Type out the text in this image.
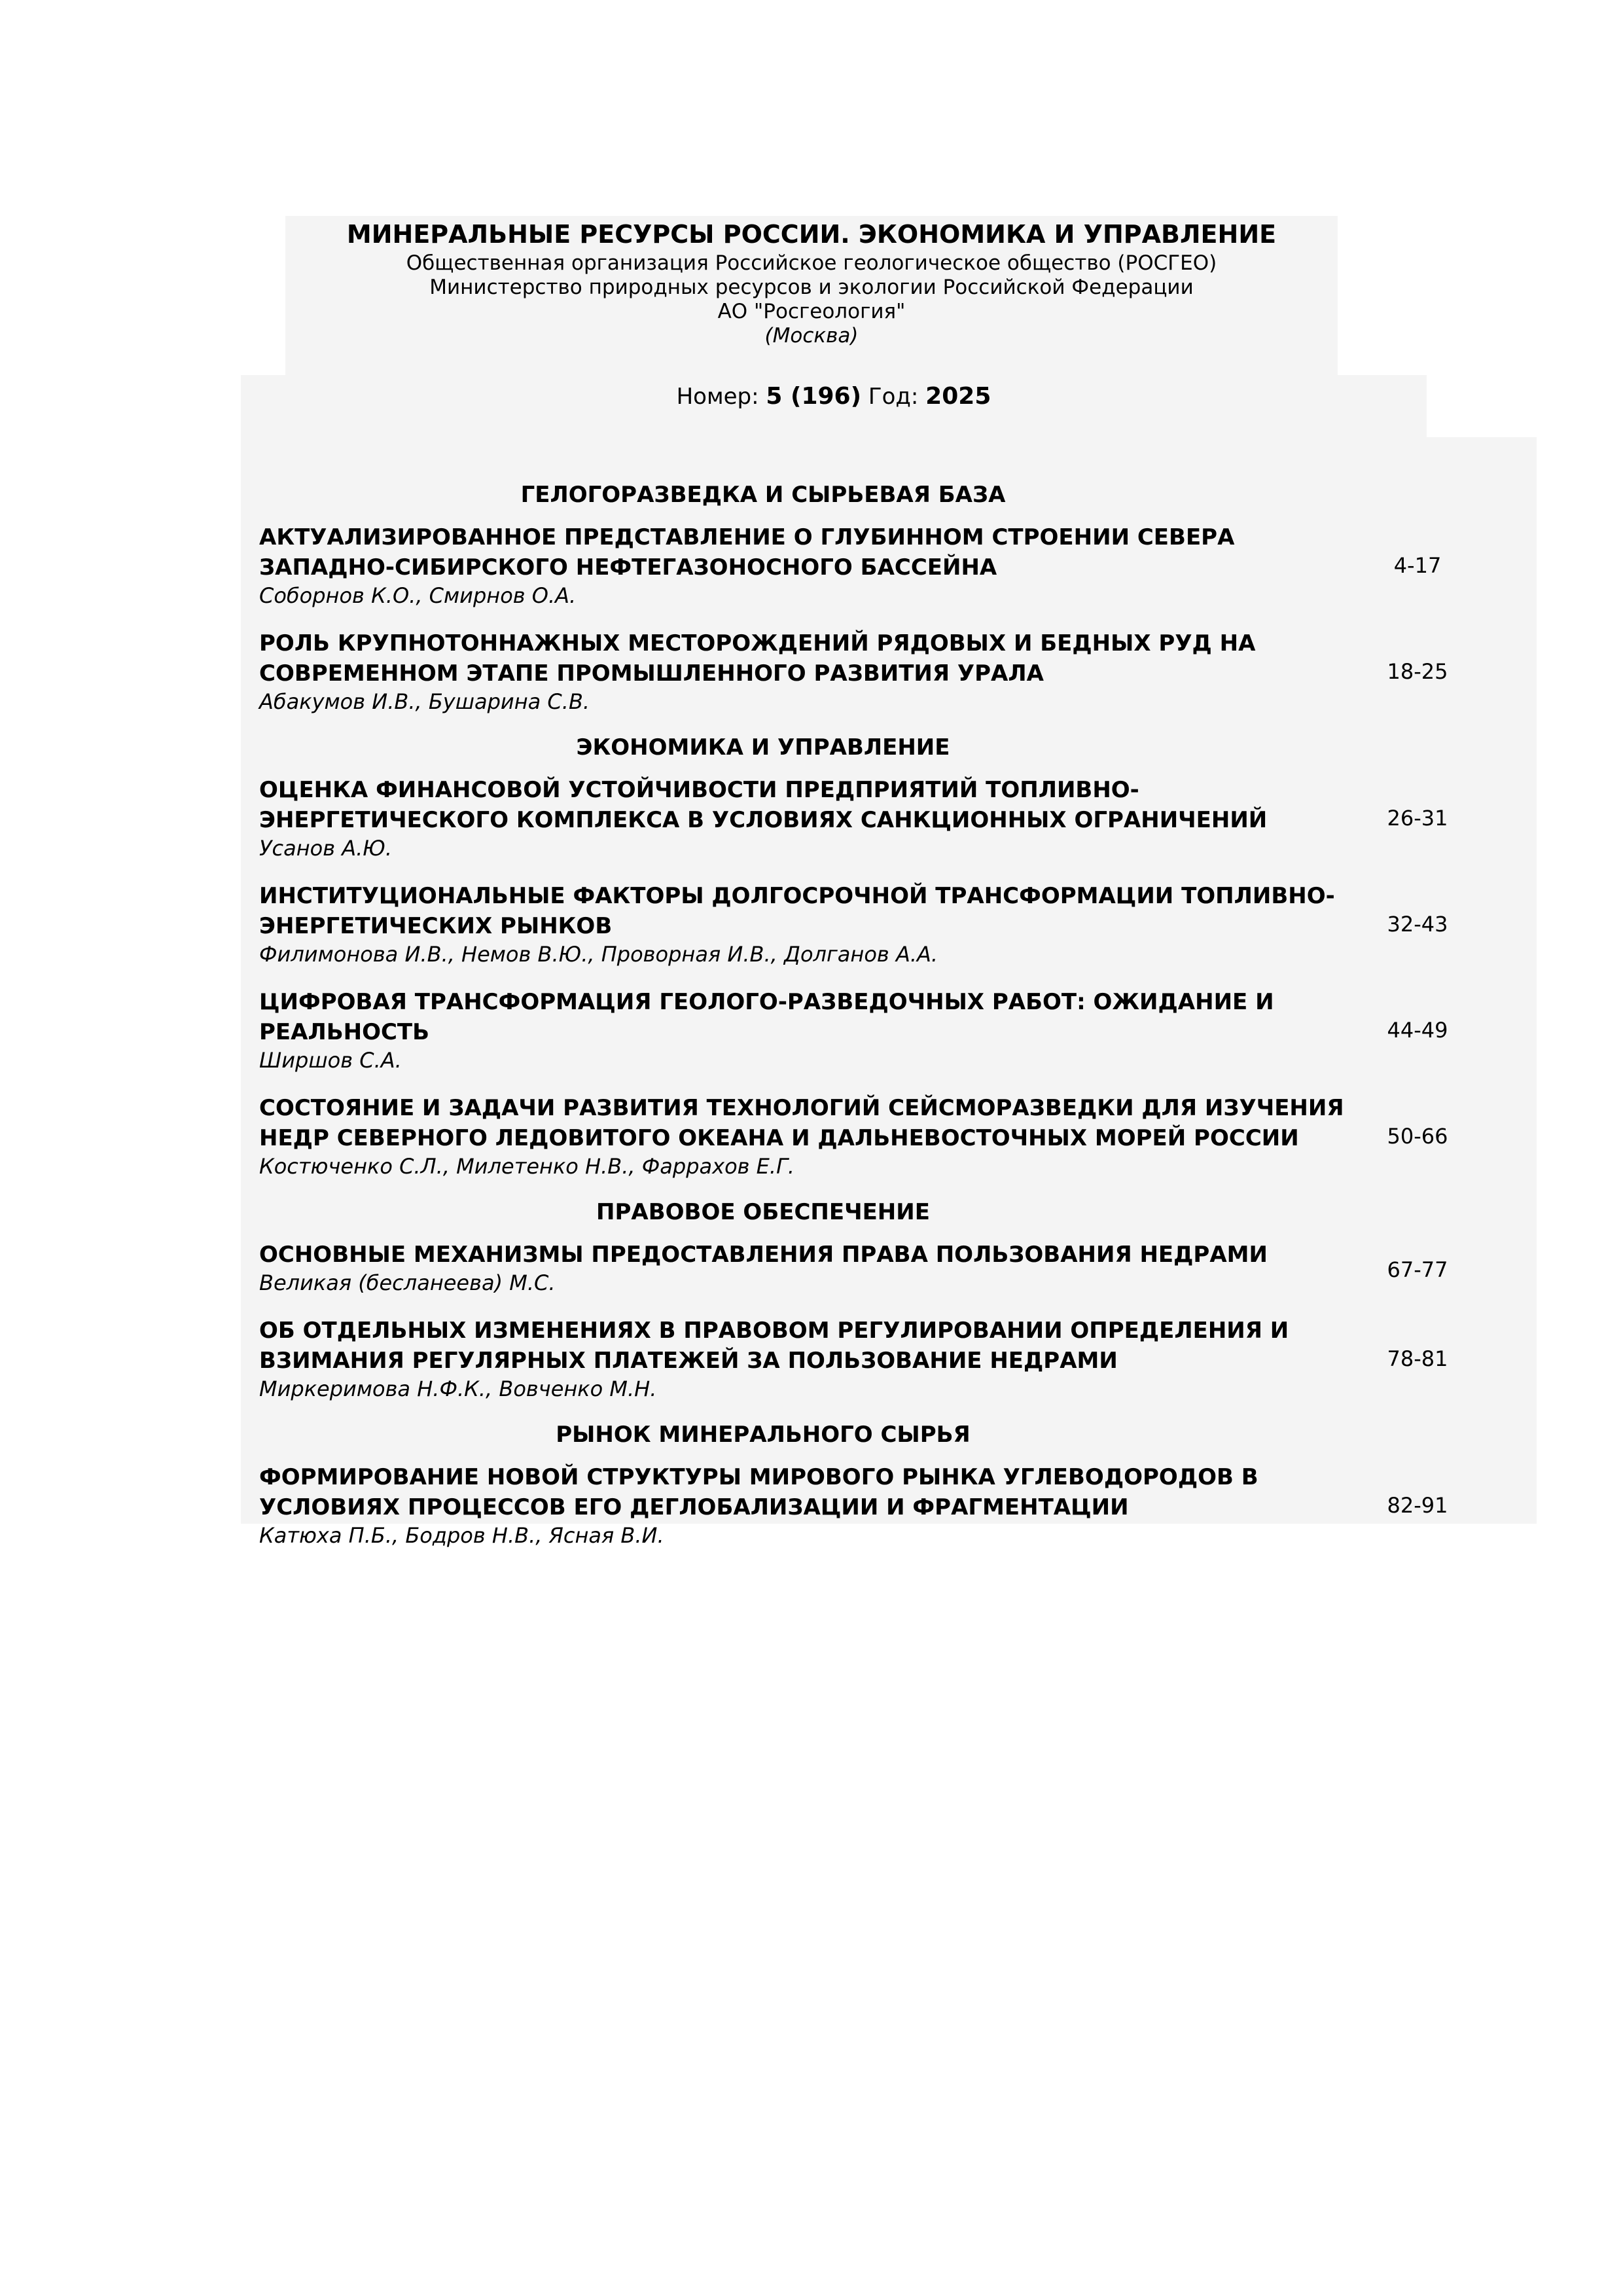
МИНЕРАЛЬНЫЕ РЕСУРСЫ РОССИИ. ЭКОНОМИКА И УПРАВЛЕНИЕ
Общественная организация Российское геологическое общество (РОСГЕО)
Министерство природных ресурсов и экологии Российской Федерации
АО "Росгеология"
(Москва)
Номер: 5 (196) Год: 2025
ГЕЛОГОРАЗВЕДКА И СЫРЬЕВАЯ БАЗА

АКТУАЛИЗИРОВАННОЕ ПРЕДСТАВЛЕНИЕ О ГЛУБИННОМ СТРОЕНИИ СЕВЕРА ЗАПАДНО-СИБИРСКОГО НЕФТЕГАЗОНОСНОГО БАССЕЙНА

Соборнов К.О., Смирнов О.А.

4-17

РОЛЬ КРУПНОТОННАЖНЫХ МЕСТОРОЖДЕНИЙ РЯДОВЫХ И БЕДНЫХ РУД НА СОВРЕМЕННОМ ЭТАПЕ ПРОМЫШЛЕННОГО РАЗВИТИЯ УРАЛА

Абакумов И.В., Бушарина С.В.

18-25
ЭКОНОМИКА И УПРАВЛЕНИЕ

ОЦЕНКА ФИНАНСОВОЙ УСТОЙЧИВОСТИ ПРЕДПРИЯТИЙ ТОПЛИВНО-ЭНЕРГЕТИЧЕСКОГО КОМПЛЕКСА В УСЛОВИЯХ САНКЦИОННЫХ ОГРАНИЧЕНИЙ

Усанов А.Ю.

26-31

ИНСТИТУЦИОНАЛЬНЫЕ ФАКТОРЫ ДОЛГОСРОЧНОЙ ТРАНСФОРМАЦИИ ТОПЛИВНО-ЭНЕРГЕТИЧЕСКИХ РЫНКОВ

Филимонова И.В., Немов В.Ю., Проворная И.В., Долганов А.А.

32-43

ЦИФРОВАЯ ТРАНСФОРМАЦИЯ ГЕОЛОГО-РАЗВЕДОЧНЫХ РАБОТ: ОЖИДАНИЕ И РЕАЛЬНОСТЬ

Ширшов С.А.

44-49

СОСТОЯНИЕ И ЗАДАЧИ РАЗВИТИЯ ТЕХНОЛОГИЙ СЕЙСМОРАЗВЕДКИ ДЛЯ ИЗУЧЕНИЯ НЕДР СЕВЕРНОГО ЛЕДОВИТОГО ОКЕАНА И ДАЛЬНЕВОСТОЧНЫХ МОРЕЙ РОССИИ

Костюченко С.Л., Милетенко Н.В., Фаррахов Е.Г.

50-66
ПРАВОВОЕ ОБЕСПЕЧЕНИЕ

ОСНОВНЫЕ МЕХАНИЗМЫ ПРЕДОСТАВЛЕНИЯ ПРАВА ПОЛЬЗОВАНИЯ НЕДРАМИ

Великая (бесланеева) М.С.

67-77

ОБ ОТДЕЛЬНЫХ ИЗМЕНЕНИЯХ В ПРАВОВОМ РЕГУЛИРОВАНИИ ОПРЕДЕЛЕНИЯ И ВЗИМАНИЯ РЕГУЛЯРНЫХ ПЛАТЕЖЕЙ ЗА ПОЛЬЗОВАНИЕ НЕДРАМИ

Миркеримова Н.Ф.К., Вовченко М.Н.

78-81
РЫНОК МИНЕРАЛЬНОГО СЫРЬЯ

ФОРМИРОВАНИЕ НОВОЙ СТРУКТУРЫ МИРОВОГО РЫНКА УГЛЕВОДОРОДОВ В УСЛОВИЯХ ПРОЦЕССОВ ЕГО ДЕГЛОБАЛИЗАЦИИ И ФРАГМЕНТАЦИИ

Катюха П.Б., Бодров Н.В., Ясная В.И.

82-91
